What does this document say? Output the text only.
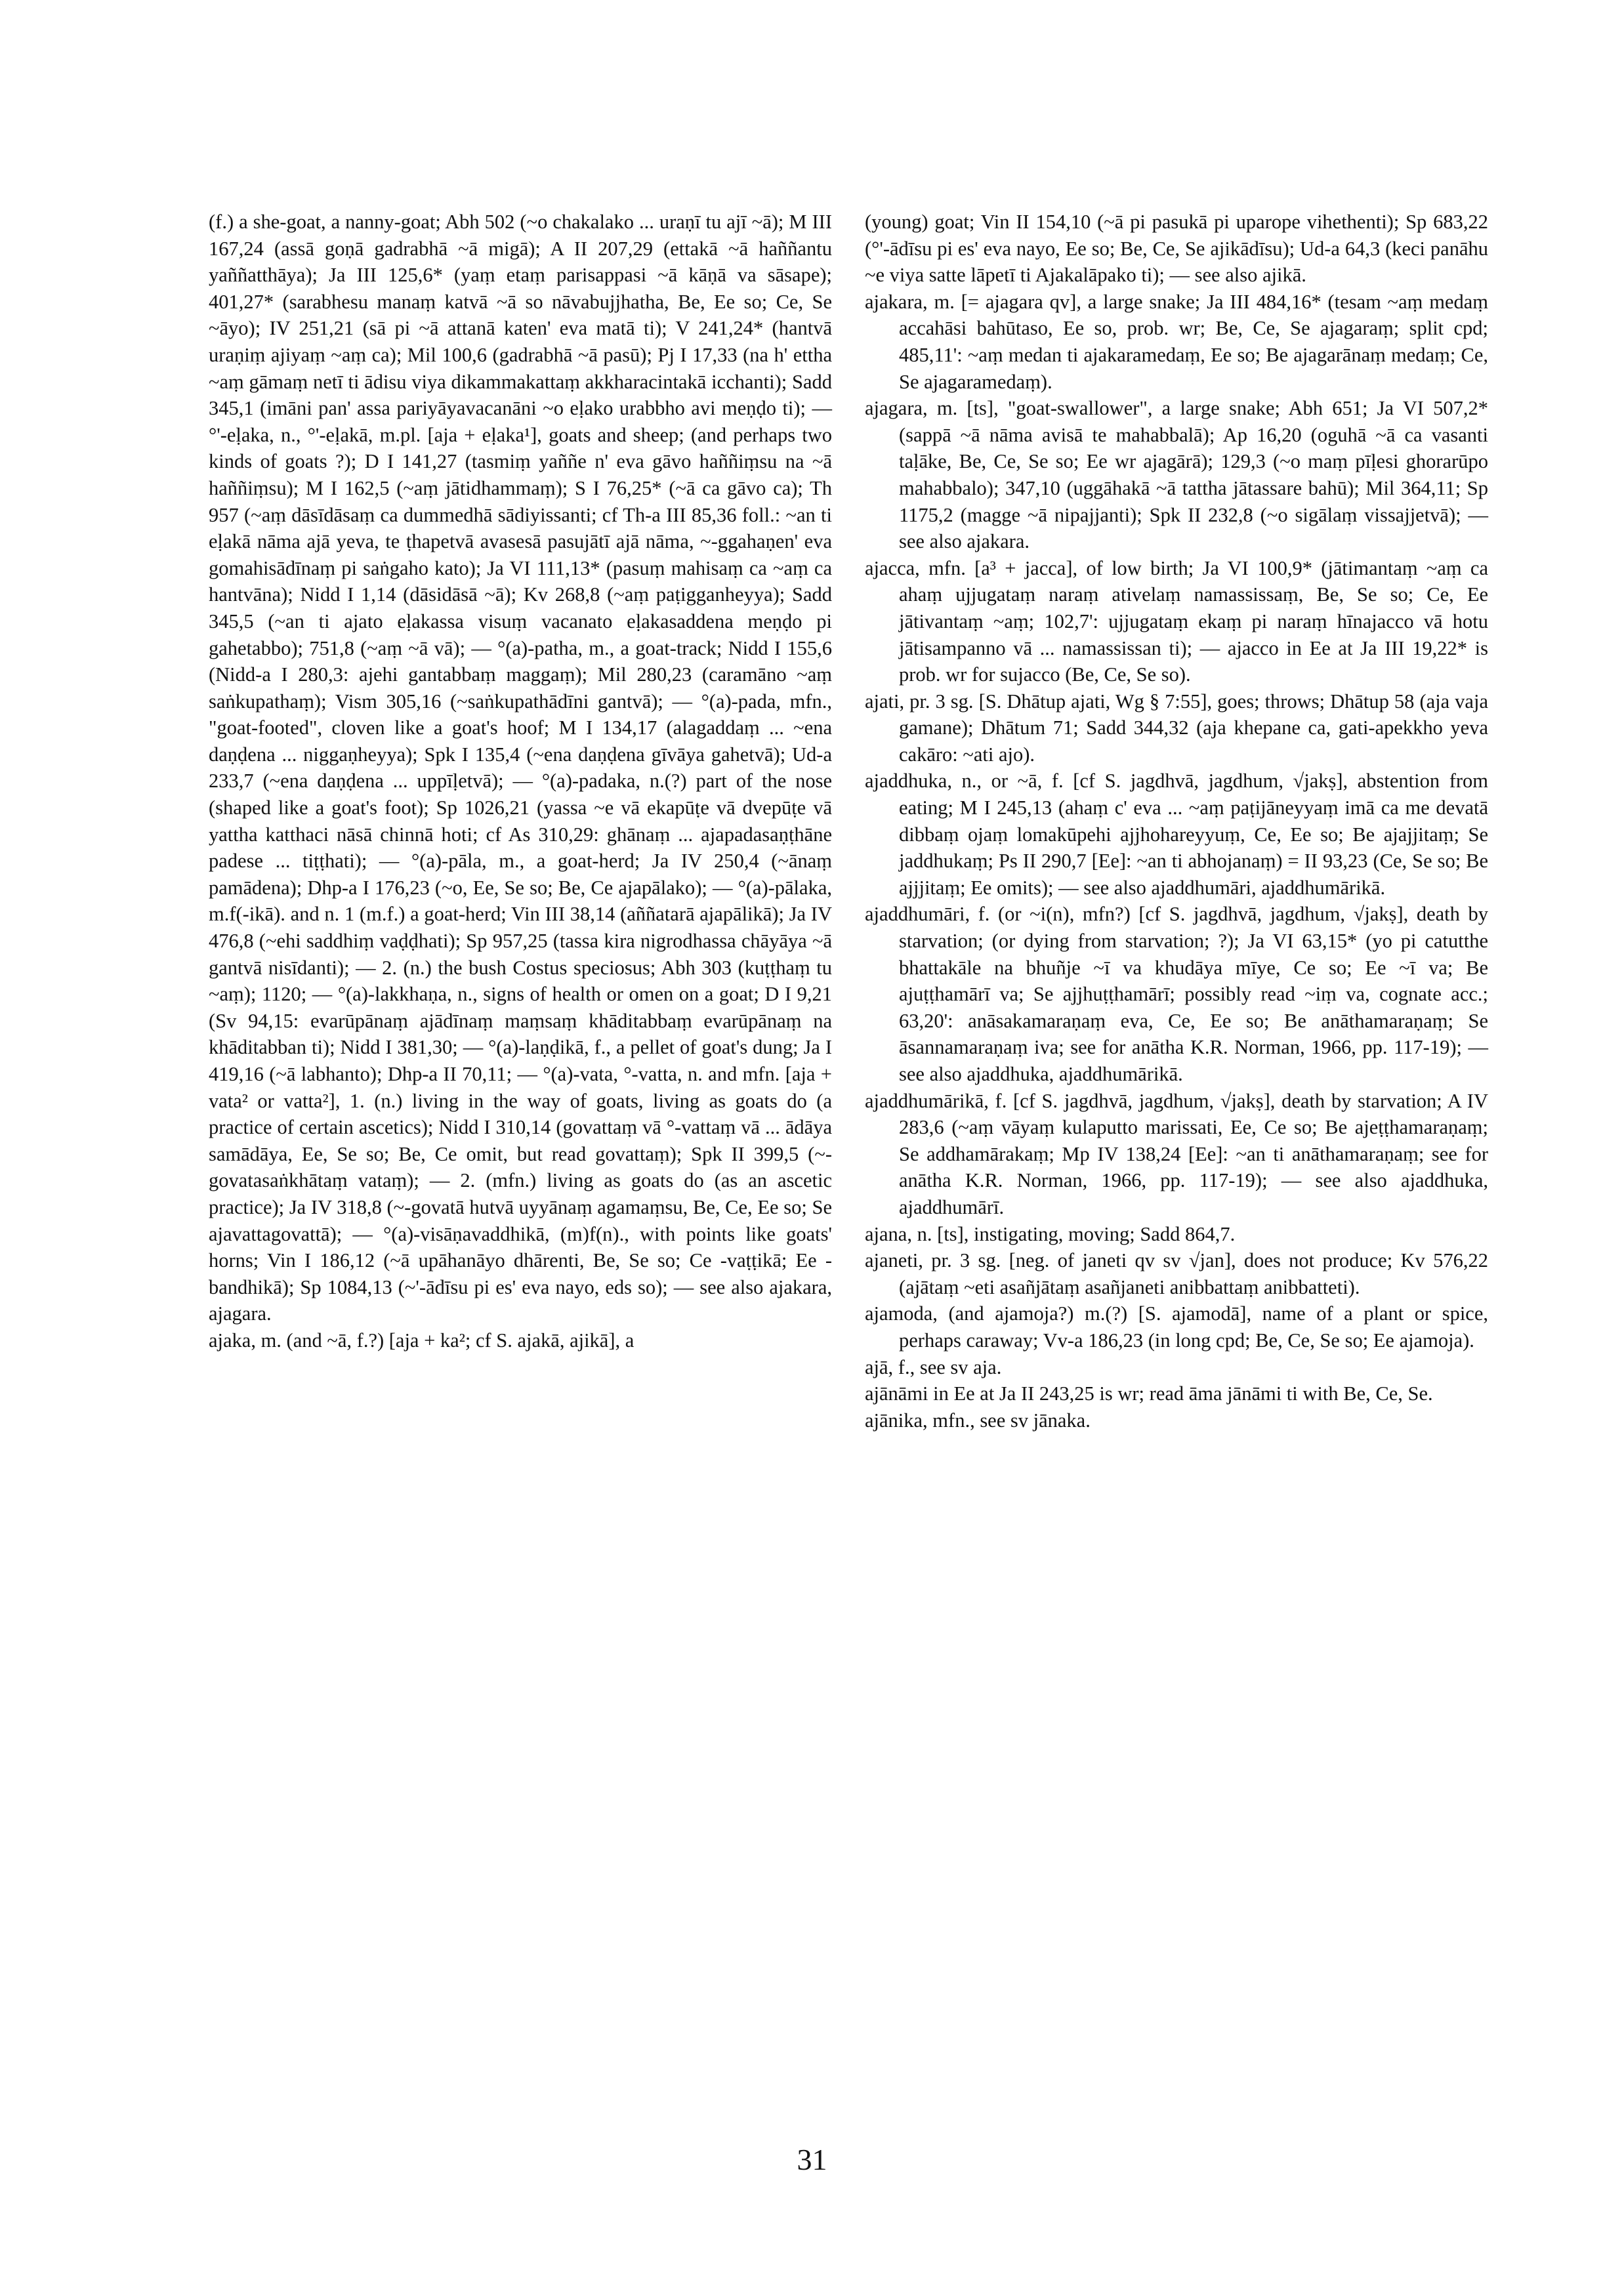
(f.) a she-goat, a nanny-goat; Abh 502 (~o chakalako ... uraṇī tu ajī ~ā); M III 167,24 (assā goṇā gadrabhā ~ā migā); A II 207,29 (ettakā ~ā haññantu yaññatthāya); Ja III 125,6* (yaṃ etaṃ parisappasi ~ā kāṇā va sāsape); 401,27* (sarabhesu manaṃ katvā ~ā so nāvabujjhatha, Be, Ee so; Ce, Se ~āyo); IV 251,21 (sā pi ~ā attanā katen' eva matā ti); V 241,24* (hantvā uraṇiṃ ajiyaṃ ~aṃ ca); Mil 100,6 (gadrabhā ~ā pasū); Pj I 17,33 (na h' ettha ~aṃ gāmaṃ netī ti ādisu viya dikammakattaṃ akkharacintakā icchanti); Sadd 345,1 (imāni pan' assa pariyāyavacanāni ~o eḷako urabbho avi meṇḍo ti); — °'-eḷaka, n., °'-eḷakā, m.pl. [aja + eḷaka¹], goats and sheep; (and perhaps two kinds of goats ?); D I 141,27 (tasmiṃ yaññe n' eva gāvo haññiṃsu na ~ā haññiṃsu); M I 162,5 (~aṃ jātidhammaṃ); S I 76,25* (~ā ca gāvo ca); Th 957 (~aṃ dāsīdāsaṃ ca dummedhā sādiyissanti; cf Th-a III 85,36 foll.: ~an ti eḷakā nāma ajā yeva, te ṭhapetvā avasesā pasujātī ajā nāma, ~-ggahaṇen' eva gomahisādīnaṃ pi saṅgaho kato); Ja VI 111,13* (pasuṃ mahisaṃ ca ~aṃ ca hantvāna); Nidd I 1,14 (dāsidāsā ~ā); Kv 268,8 (~aṃ paṭigganheyya); Sadd 345,5 (~an ti ajato eḷakassa visuṃ vacanato eḷakasaddena meṇḍo pi gahetabbo); 751,8 (~aṃ ~ā vā); — °(a)-patha, m., a goat-track; Nidd I 155,6 (Nidd-a I 280,3: ajehi gantabbaṃ maggaṃ); Mil 280,23 (caramāno ~aṃ saṅkupathaṃ); Vism 305,16 (~saṅkupathādīni gantvā); — °(a)-pada, mfn., "goat-footed", cloven like a goat's hoof; M I 134,17 (alagaddaṃ ... ~ena daṇḍena ... niggaṇheyya); Spk I 135,4 (~ena daṇḍena gīvāya gahetvā); Ud-a 233,7 (~ena daṇḍena ... uppīḷetvā); — °(a)-padaka, n.(?) part of the nose (shaped like a goat's foot); Sp 1026,21 (yassa ~e vā ekapūṭe vā dvepūṭe vā yattha katthaci nāsā chinnā hoti; cf As 310,29: ghānaṃ ... ajapadasaṇṭhāne padese ... tiṭṭhati); — °(a)-pāla, m., a goat-herd; Ja IV 250,4 (~ānaṃ pamādena); Dhp-a I 176,23 (~o, Ee, Se so; Be, Ce ajapālako); — °(a)-pālaka, m.f(-ikā). and n. 1 (m.f.) a goat-herd; Vin III 38,14 (aññatarā ajapālikā); Ja IV 476,8 (~ehi saddhiṃ vaḍḍhati); Sp 957,25 (tassa kira nigrodhassa chāyāya ~ā gantvā nisīdanti); — 2. (n.) the bush Costus speciosus; Abh 303 (kuṭṭhaṃ tu ~aṃ); 1120; — °(a)-lakkhaṇa, n., signs of health or omen on a goat; D I 9,21 (Sv 94,15: evarūpānaṃ ajādīnaṃ maṃsaṃ khāditabbaṃ evarūpānaṃ na khāditabban ti); Nidd I 381,30; — °(a)-laṇḍikā, f., a pellet of goat's dung; Ja I 419,16 (~ā labhanto); Dhp-a II 70,11; — °(a)-vata, °-vatta, n. and mfn. [aja + vata² or vatta²], 1. (n.) living in the way of goats, living as goats do (a practice of certain ascetics); Nidd I 310,14 (govattaṃ vā °-vattaṃ vā ... ādāya samādāya, Ee, Se so; Be, Ce omit, but read govattaṃ); Spk II 399,5 (~-govatasaṅkhātaṃ vataṃ); — 2. (mfn.) living as goats do (as an ascetic practice); Ja IV 318,8 (~-govatā hutvā uyyānaṃ agamaṃsu, Be, Ce, Ee so; Se ajavattagovattā); — °(a)-visāṇavaddhikā, (m)f(n)., with points like goats' horns; Vin I 186,12 (~ā upāhanāyo dhārenti, Be, Se so; Ce -vaṭṭikā; Ee -bandhikā); Sp 1084,13 (~'-ādīsu pi es' eva nayo, eds so); — see also ajakara, ajagara.

ajaka, m. (and ~ā, f.?) [aja + ka²; cf S. ajakā, ajikā], a

(young) goat; Vin II 154,10 (~ā pi pasukā pi uparope vihethenti); Sp 683,22 (°'-ādīsu pi es' eva nayo, Ee so; Be, Ce, Se ajikādīsu); Ud-a 64,3 (keci panāhu ~e viya satte lāpetī ti Ajakalāpako ti); — see also ajikā.

ajakara, m. [= ajagara qv], a large snake; Ja III 484,16* (tesam ~aṃ medaṃ accahāsi bahūtaso, Ee so, prob. wr; Be, Ce, Se ajagaraṃ; split cpd; 485,11': ~aṃ medan ti ajakaramedaṃ, Ee so; Be ajagarānaṃ medaṃ; Ce, Se ajagaramedaṃ).

ajagara, m. [ts], "goat-swallower", a large snake; Abh 651; Ja VI 507,2* (sappā ~ā nāma avisā te mahabbalā); Ap 16,20 (oguhā ~ā ca vasanti taḷāke, Be, Ce, Se so; Ee wr ajagārā); 129,3 (~o maṃ pīḷesi ghorarūpo mahabbalo); 347,10 (uggāhakā ~ā tattha jātassare bahū); Mil 364,11; Sp 1175,2 (magge ~ā nipajjanti); Spk II 232,8 (~o sigālaṃ vissajjetvā); — see also ajakara.

ajacca, mfn. [a³ + jacca], of low birth; Ja VI 100,9* (jātimantaṃ ~aṃ ca ahaṃ ujjugataṃ naraṃ ativelaṃ namassissaṃ, Be, Se so; Ce, Ee jātivantaṃ ~aṃ; 102,7': ujjugataṃ ekaṃ pi naraṃ hīnajacco vā hotu jātisampanno vā ... namassissan ti); — ajacco in Ee at Ja III 19,22* is prob. wr for sujacco (Be, Ce, Se so).

ajati, pr. 3 sg. [S. Dhātup ajati, Wg § 7:55], goes; throws; Dhātup 58 (aja vaja gamane); Dhātum 71; Sadd 344,32 (aja khepane ca, gati-apekkho yeva cakāro: ~ati ajo).

ajaddhuka, n., or ~ā, f. [cf S. jagdhvā, jagdhum, √jakṣ], abstention from eating; M I 245,13 (ahaṃ c' eva ... ~aṃ paṭijāneyyaṃ imā ca me devatā dibbaṃ ojaṃ lomakūpehi ajjhohareyyuṃ, Ce, Ee so; Be ajajjitaṃ; Se jaddhukaṃ; Ps II 290,7 [Ee]: ~an ti abhojanaṃ) = II 93,23 (Ce, Se so; Be ajjjitaṃ; Ee omits); — see also ajaddhumāri, ajaddhumārikā.

ajaddhumāri, f. (or ~i(n), mfn?) [cf S. jagdhvā, jagdhum, √jakṣ], death by starvation; (or dying from starvation; ?); Ja VI 63,15* (yo pi catutthe bhattakāle na bhuñje ~ī va khudāya mīye, Ce so; Ee ~ī va; Be ajuṭṭhamārī va; Se ajjhuṭṭhamārī; possibly read ~iṃ va, cognate acc.; 63,20': anāsakamaraṇaṃ eva, Ce, Ee so; Be anāthamaraṇaṃ; Se āsannamaraṇaṃ iva; see for anātha K.R. Norman, 1966, pp. 117-19); — see also ajaddhuka, ajaddhumārikā.

ajaddhumārikā, f. [cf S. jagdhvā, jagdhum, √jakṣ], death by starvation; A IV 283,6 (~aṃ vāyaṃ kulaputto marissati, Ee, Ce so; Be ajeṭṭhamaraṇaṃ; Se addhamārakaṃ; Mp IV 138,24 [Ee]: ~an ti anāthamaraṇaṃ; see for anātha K.R. Norman, 1966, pp. 117-19); — see also ajaddhuka, ajaddhumārī.

ajana, n. [ts], instigating, moving; Sadd 864,7.

ajaneti, pr. 3 sg. [neg. of janeti qv sv √jan], does not produce; Kv 576,22 (ajātaṃ ~eti asañjātaṃ asañjaneti anibbattaṃ anibbatteti).

ajamoda, (and ajamoja?) m.(?) [S. ajamodā], name of a plant or spice, perhaps caraway; Vv-a 186,23 (in long cpd; Be, Ce, Se so; Ee ajamoja).

ajā, f., see sv aja.

ajānāmi in Ee at Ja II 243,25 is wr; read āma jānāmi ti with Be, Ce, Se.

ajānika, mfn., see sv jānaka.

31
